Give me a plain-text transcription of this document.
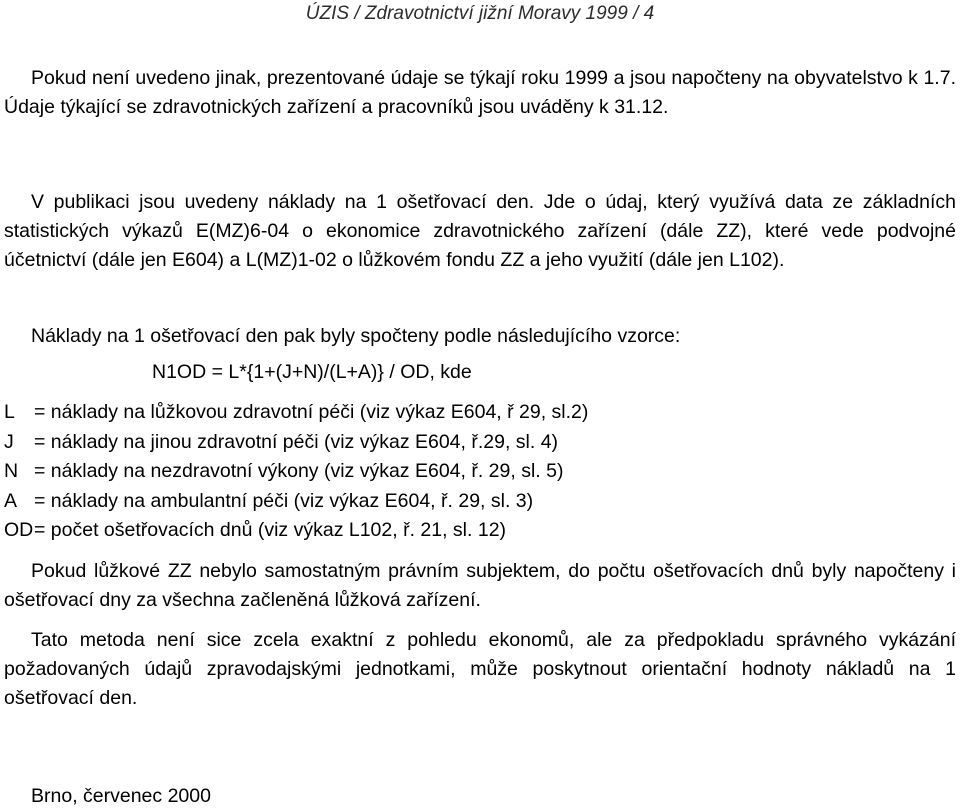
ÚZIS / Zdravotnictví jižní Moravy 1999 / 4

Pokud není uvedeno jinak, prezentované údaje se týkají roku 1999 a jsou napočteny na obyvatelstvo k 1.7. Údaje týkající se zdravotnických zařízení a pracovníků jsou uváděny k 31.12.

V publikaci jsou uvedeny náklady na 1 ošetřovací den. Jde o údaj, který využívá data ze základních statistických výkazů E(MZ)6-04 o ekonomice zdravotnického zařízení (dále ZZ), které vede podvojné účetnictví (dále jen E604) a L(MZ)1-02 o lůžkovém fondu ZZ a jeho využití (dále jen L102).

Náklady na 1 ošetřovací den pak byly spočteny podle následujícího vzorce:

N1OD = L*{1+(J+N)/(L+A)} / OD, kde
L = náklady na lůžkovou zdravotní péči (viz výkaz E604, ř 29, sl.2)
J	= náklady na jinou zdravotní péči (viz výkaz E604, ř.29, sl. 4)
N = náklady na nezdravotní výkony (viz výkaz E604, ř. 29, sl. 5)
A = náklady na ambulantní péči (viz výkaz E604, ř. 29, sl. 3)
OD = počet ošetřovacích dnů (viz výkaz L102, ř. 21, sl. 12)

Pokud lůžkové ZZ nebylo samostatným právním subjektem, do počtu ošetřovacích dnů byly napočteny i ošetřovací dny za všechna začleněná lůžková zařízení.

Tato metoda není sice zcela exaktní z pohledu ekonomů, ale za předpokladu správného vykázání požadovaných údajů zpravodajskými jednotkami, může poskytnout orientační hodnoty nákladů na 1 ošetřovací den.

Brno, červenec 2000
